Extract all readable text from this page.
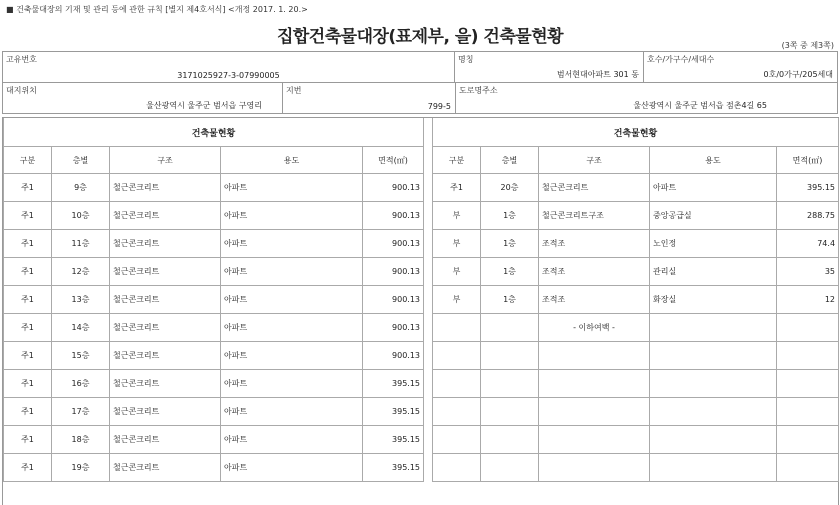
■ 건축물대장의 기재 및 관리 등에 관한 규칙 [별지 제4호서식] <개정 2017. 1. 20.>
집합건축물대장(표제부, 을) 건축물현황	(3쪽 중 제3쪽)
고유번호
3171025927-3-07990005

명칭
범서현대아파트 301 동

호수/가구수/세대수
0호/0가구/205세대
대지위치
울산광역시 울주군 범서읍 구영리

지번
799-5

도로명주소
울산광역시 울주군 범서읍 점촌4길 65
건축물현황						건축물현황				
구분	층별	구조	용도	면적(㎡)		구분	층별	구조	용도	면적(㎡)
주1	9층	철근콘크리트	아파트	900.13		주1	20층	철근콘크리트	아파트	395.15
주1	10층	철근콘크리트	아파트	900.13		부	1층	철근콘크리트구조	중앙공급실	288.75
주1	11층	철근콘크리트	아파트	900.13		부	1층	조적조	노인정	74.4
주1	12층	철근콘크리트	아파트	900.13		부	1층	조적조	관리실	35
주1	13층	철근콘크리트	아파트	900.13		부	1층	조적조	화장실	12
주1	14층	철근콘크리트	아파트	900.13				- 이하여백 -		
주1	15층	철근콘크리트	아파트	900.13						
주1	16층	철근콘크리트	아파트	395.15						
주1	17층	철근콘크리트	아파트	395.15						
주1	18층	철근콘크리트	아파트	395.15						
주1	19층	철근콘크리트	아파트	395.15						
